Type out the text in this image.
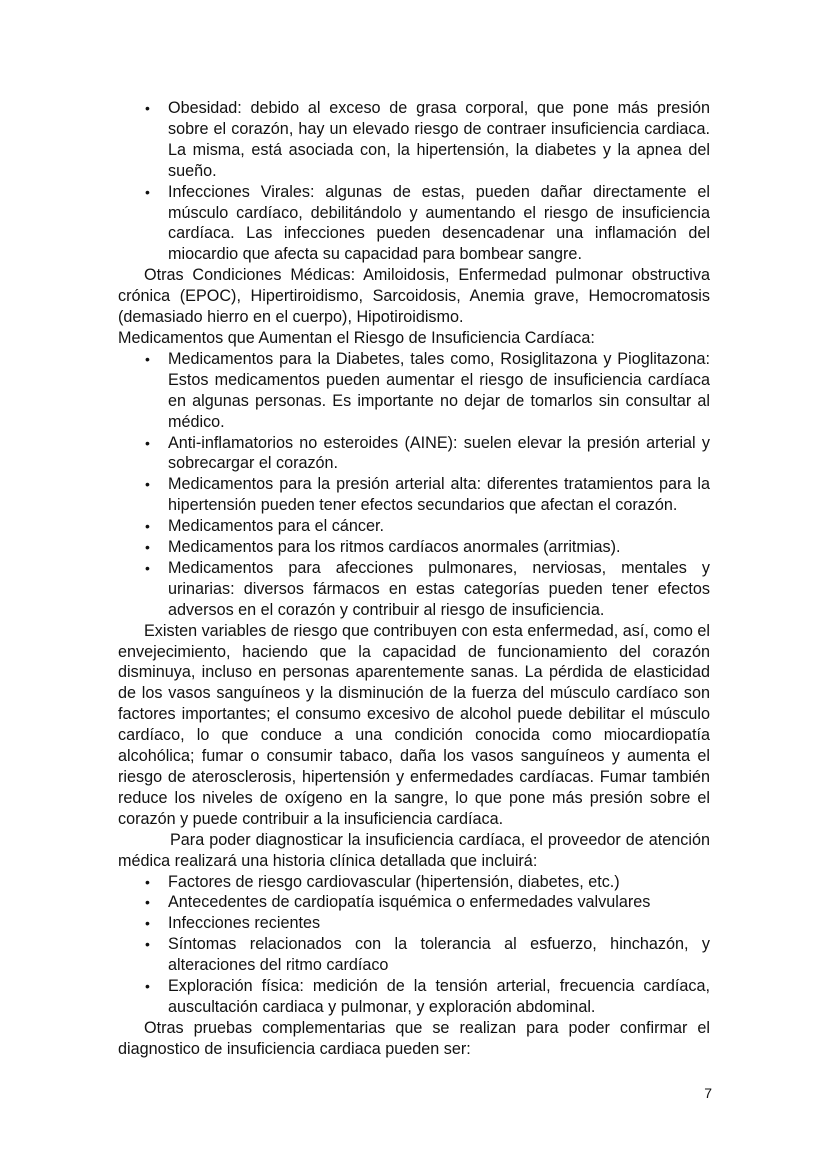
• Obesidad: debido al exceso de grasa corporal, que pone más presión sobre el corazón, hay un elevado riesgo de contraer insuficiencia cardiaca. La misma, está asociada con, la hipertensión, la diabetes y la apnea del sueño.
• Infecciones Virales: algunas de estas, pueden dañar directamente el músculo cardíaco, debilitándolo y aumentando el riesgo de insuficiencia cardíaca. Las infecciones pueden desencadenar una inflamación del miocardio que afecta su capacidad para bombear sangre.

Otras Condiciones Médicas: Amiloidosis, Enfermedad pulmonar obstructiva crónica (EPOC), Hipertiroidismo, Sarcoidosis, Anemia grave, Hemocromatosis (demasiado hierro en el cuerpo), Hipotiroidismo.

Medicamentos que Aumentan el Riesgo de Insuficiencia Cardíaca:

• Medicamentos para la Diabetes, tales como, Rosiglitazona y Pioglitazona: Estos medicamentos pueden aumentar el riesgo de insuficiencia cardíaca en algunas personas. Es importante no dejar de tomarlos sin consultar al médico.
• Anti-inflamatorios no esteroides (AINE): suelen elevar la presión arterial y sobrecargar el corazón.
• Medicamentos para la presión arterial alta: diferentes tratamientos para la hipertensión pueden tener efectos secundarios que afectan el corazón.
• Medicamentos para el cáncer.
• Medicamentos para los ritmos cardíacos anormales (arritmias).
• Medicamentos para afecciones pulmonares, nerviosas, mentales y urinarias: diversos fármacos en estas categorías pueden tener efectos adversos en el corazón y contribuir al riesgo de insuficiencia.

Existen variables de riesgo que contribuyen con esta enfermedad, así, como el envejecimiento, haciendo que la capacidad de funcionamiento del corazón disminuya, incluso en personas aparentemente sanas. La pérdida de elasticidad de los vasos sanguíneos y la disminución de la fuerza del músculo cardíaco son factores importantes; el consumo excesivo de alcohol puede debilitar el músculo cardíaco, lo que conduce a una condición conocida como miocardiopatía alcohólica; fumar o consumir tabaco, daña los vasos sanguíneos y aumenta el riesgo de aterosclerosis, hipertensión y enfermedades cardíacas. Fumar también reduce los niveles de oxígeno en la sangre, lo que pone más presión sobre el corazón y puede contribuir a la insuficiencia cardíaca.

Para poder diagnosticar la insuficiencia cardíaca, el proveedor de atención médica realizará una historia clínica detallada que incluirá:

• Factores de riesgo cardiovascular (hipertensión, diabetes, etc.)
• Antecedentes de cardiopatía isquémica o enfermedades valvulares
• Infecciones recientes
• Síntomas relacionados con la tolerancia al esfuerzo, hinchazón, y alteraciones del ritmo cardíaco
• Exploración física: medición de la tensión arterial, frecuencia cardíaca, auscultación cardiaca y pulmonar, y exploración abdominal.

Otras pruebas complementarias que se realizan para poder confirmar el diagnostico de insuficiencia cardiaca pueden ser:

7
